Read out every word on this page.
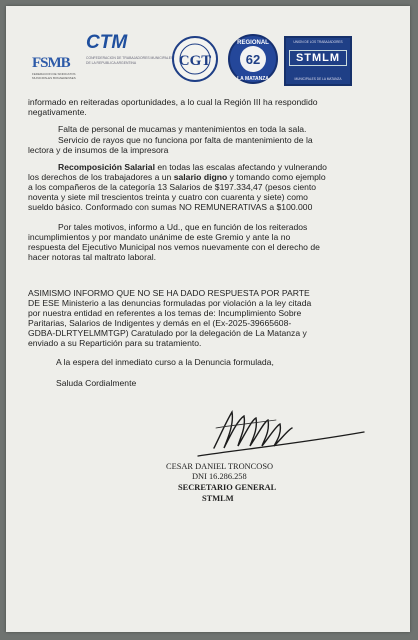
FSMB
FEDERACION DE SINDICATOS MUNICIPALES BONAERENSES
CTM
CONFEDERACION DE TRABAJADORES MUNICIPALES DE LA REPUBLICA ARGENTINA	CGT	62
REGIONAL
LA MATANZA
UNION DE LOS TRABAJADORES
STMLM
MUNICIPALES DE LA MATANZA
informado en reiteradas oportunidades, a lo cual la Región III ha respondido
negativamente.
Falta de personal de mucamas y mantenimientos en toda la sala.
Servicio de rayos que no funciona por falta de mantenimiento de la
lectora y de insumos de la impresora
Recomposición Salarial en todas las escalas afectando y vulnerando
los derechos de los trabajadores a un salario digno y tomando como ejemplo
a los compañeros de la categoría 13 Salarios de $197.334,47 (pesos ciento
noventa y siete mil trescientos treinta y cuatro con cuarenta y siete) como
sueldo básico. Conformado con sumas NO REMUNERATIVAS a $100.000
Por tales motivos, informo a Ud., que en función de los reiterados
incumplimientos y por mandato unánime de este Gremio y ante la no
respuesta del Ejecutivo Municipal nos vemos nuevamente con el derecho de
hacer notoras tal maltrato laboral.
ASIMISMO INFORMO QUE NO SE HA DADO RESPUESTA POR PARTE
DE ESE Ministerio a las denuncias formuladas por violación a la ley citada
por nuestra entidad en referentes a los temas de: Incumplimiento Sobre
Paritarias, Salarios de Indigentes y demás en el (Ex-2025-39665608-
GDBA-DLRTYELMMTGP) Caratulado por la delegación de La Matanza y
enviado a su Repartición para su tratamiento.
A la espera del inmediato curso a la Denuncia formulada,
Saluda Cordialmente
CESAR DANIEL TRONCOSO
DNI 16.286.258
SECRETARIO GENERAL
STMLM
